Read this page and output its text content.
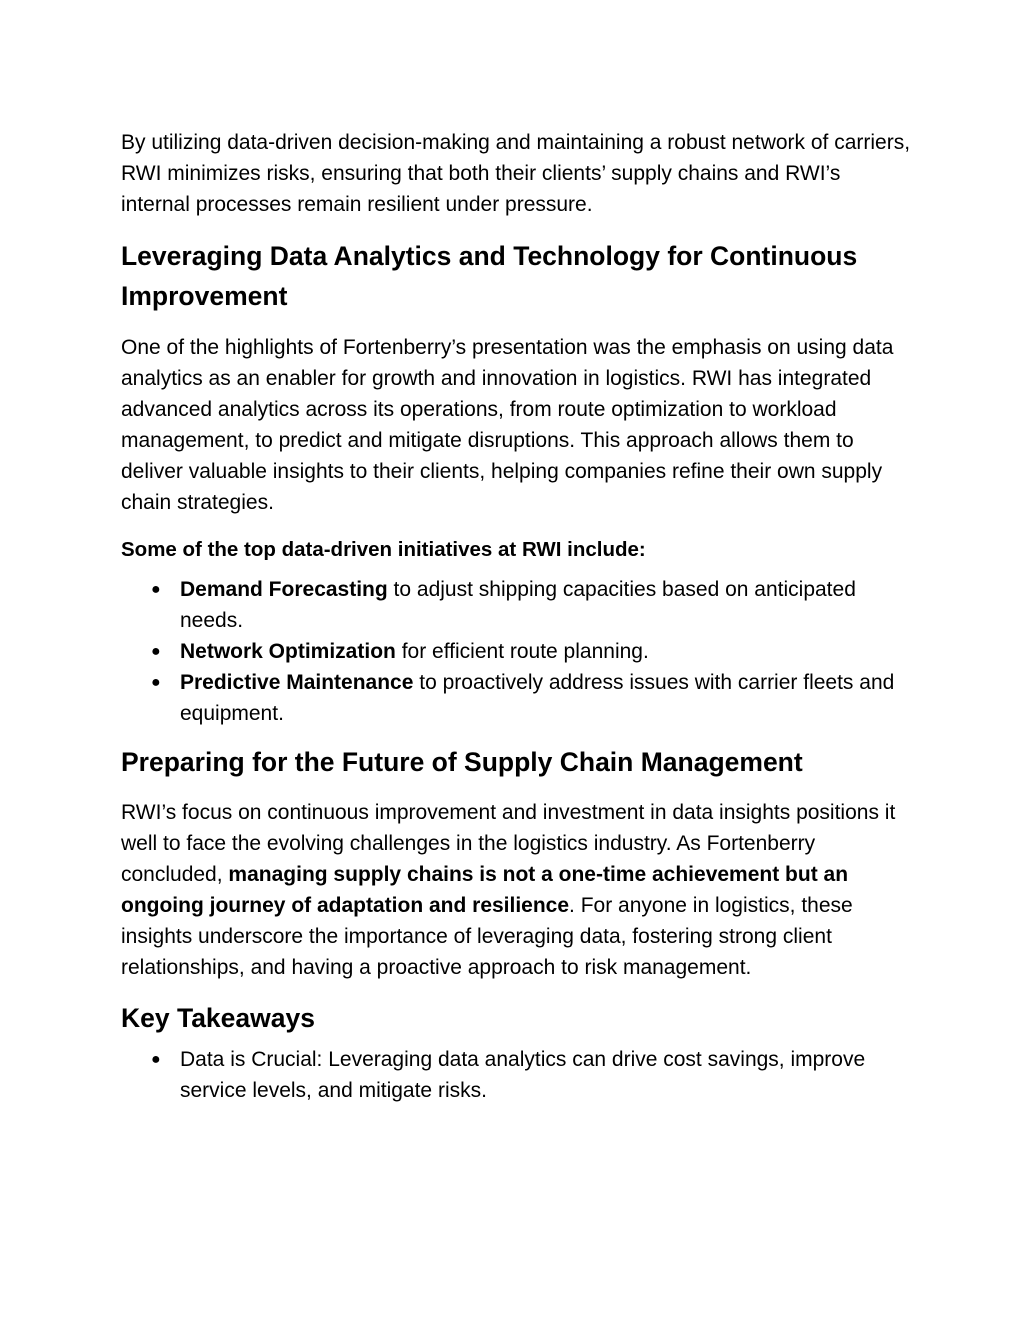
By utilizing data-driven decision-making and maintaining a robust network of carriers, RWI minimizes risks, ensuring that both their clients’ supply chains and RWI’s internal processes remain resilient under pressure.

Leveraging Data Analytics and Technology for Continuous Improvement

One of the highlights of Fortenberry’s presentation was the emphasis on using data analytics as an enabler for growth and innovation in logistics. RWI has integrated advanced analytics across its operations, from route optimization to workload management, to predict and mitigate disruptions. This approach allows them to deliver valuable insights to their clients, helping companies refine their own supply chain strategies.

Some of the top data-driven initiatives at RWI include:

● Demand Forecasting to adjust shipping capacities based on anticipated needs.
● Network Optimization for efficient route planning.
● Predictive Maintenance to proactively address issues with carrier fleets and equipment.
Preparing for the Future of Supply Chain Management

RWI’s focus on continuous improvement and investment in data insights positions it well to face the evolving challenges in the logistics industry. As Fortenberry concluded, managing supply chains is not a one-time achievement but an ongoing journey of adaptation and resilience. For anyone in logistics, these insights underscore the importance of leveraging data, fostering strong client relationships, and having a proactive approach to risk management.

Key Takeaways
● Data is Crucial: Leveraging data analytics can drive cost savings, improve service levels, and mitigate risks.
